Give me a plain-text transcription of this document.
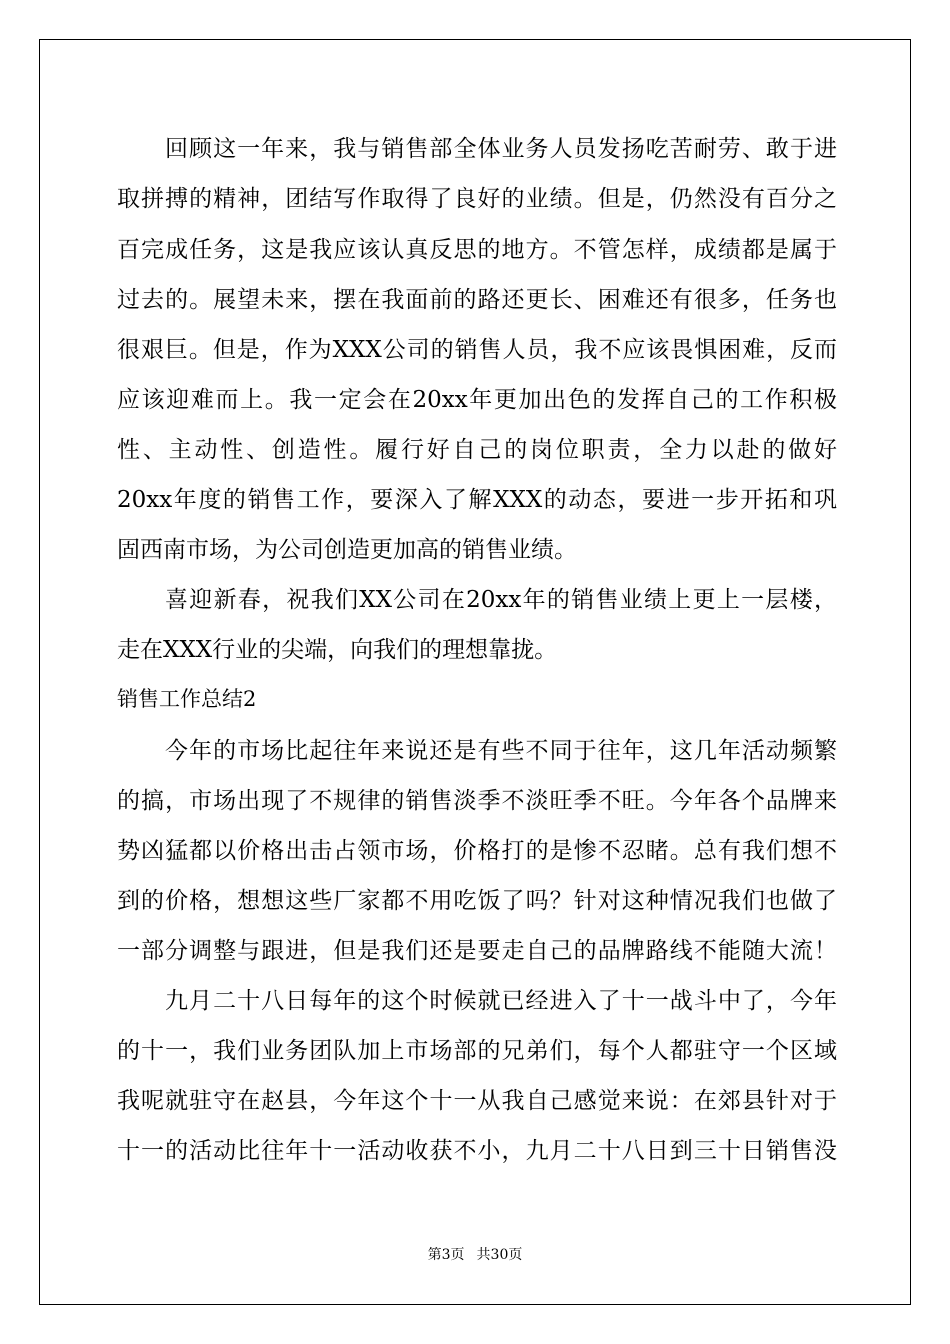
回顾这一年来，我与销售部全体业务人员发扬吃苦耐劳、敢于进
取拼搏的精神，团结写作取得了良好的业绩。但是，仍然没有百分之
百完成任务，这是我应该认真反思的地方。不管怎样，成绩都是属于
过去的。展望未来，摆在我面前的路还更长、困难还有很多，任务也
很艰巨。但是，作为XXX公司的销售人员，我不应该畏惧困难，反而
应该迎难而上。我一定会在20xx年更加出色的发挥自己的工作积极
性、主动性、创造性。履行好自己的岗位职责，全力以赴的做好
20xx年度的销售工作，要深入了解XXX的动态，要进一步开拓和巩
固西南市场，为公司创造更加高的销售业绩。
喜迎新春，祝我们XX公司在20xx年的销售业绩上更上一层楼，
走在XXX行业的尖端，向我们的理想靠拢。
销售工作总结2
今年的市场比起往年来说还是有些不同于往年，这几年活动频繁
的搞，市场出现了不规律的销售淡季不淡旺季不旺。今年各个品牌来
势凶猛都以价格出击占领市场，价格打的是惨不忍睹。总有我们想不
到的价格，想想这些厂家都不用吃饭了吗？针对这种情况我们也做了
一部分调整与跟进，但是我们还是要走自己的品牌路线不能随大流！
九月二十八日每年的这个时候就已经进入了十一战斗中了，今年
的十一，我们业务团队加上市场部的兄弟们，每个人都驻守一个区域
我呢就驻守在赵县，今年这个十一从我自己感觉来说：在郊县针对于
十一的活动比往年十一活动收获不小，九月二十八日到三十日销售没
第3页 共30页
